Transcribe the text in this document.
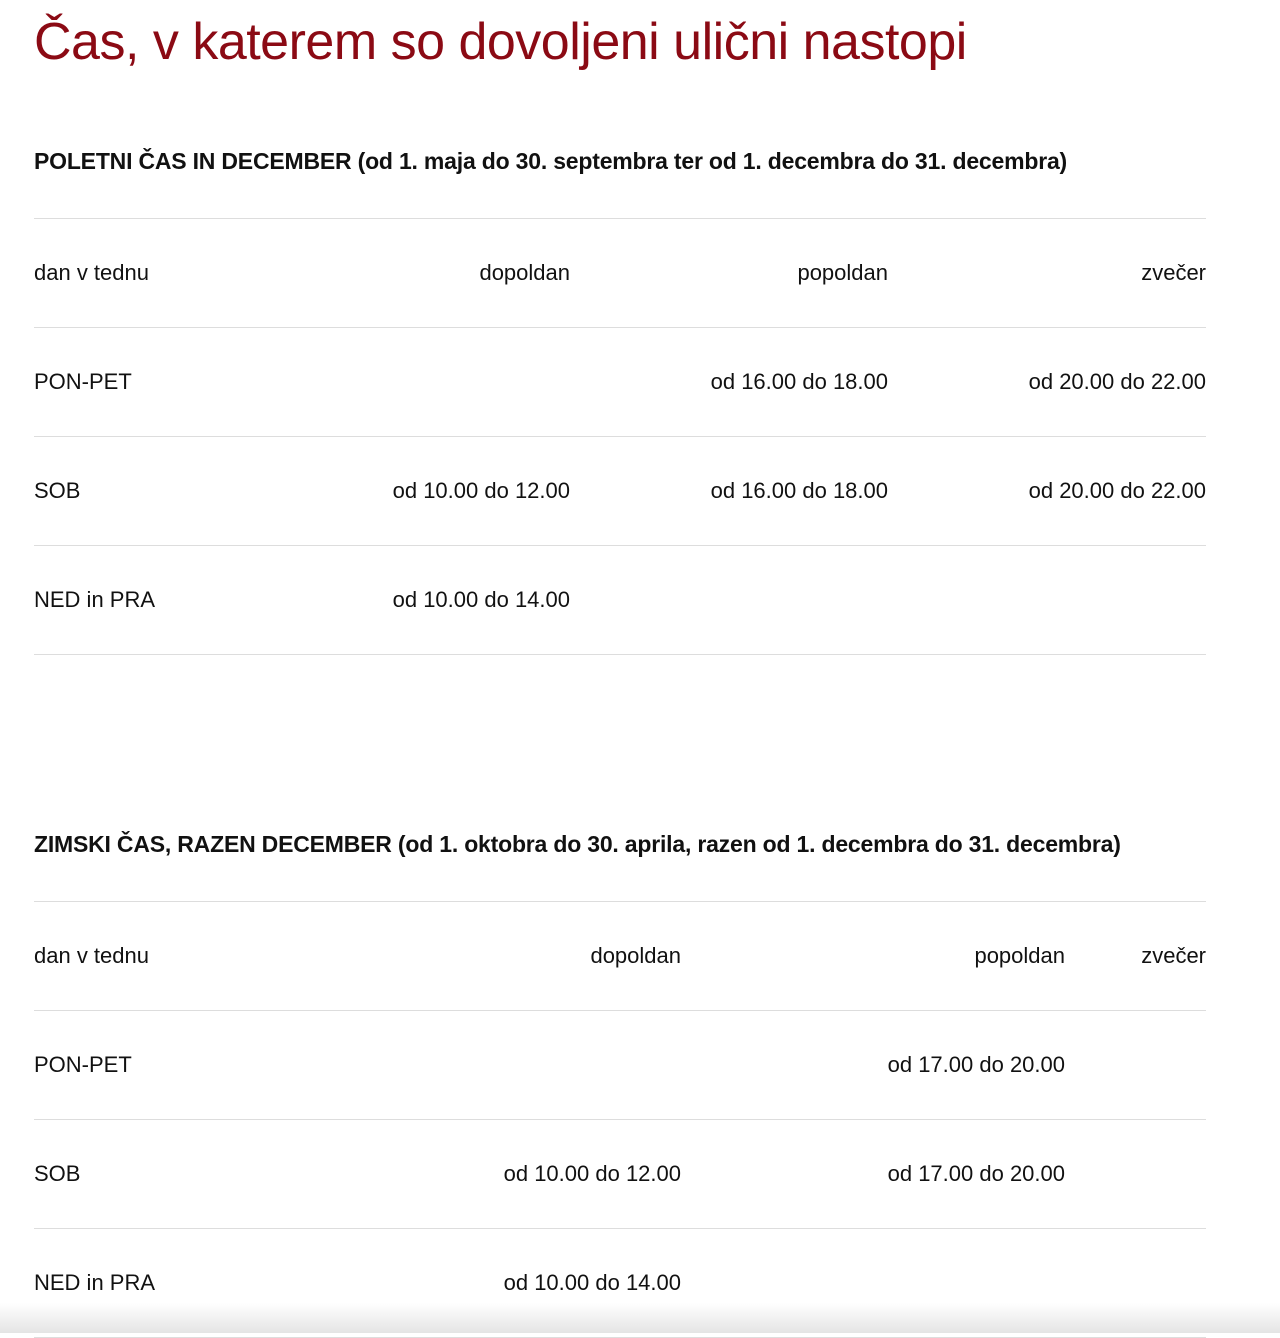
Čas, v katerem so dovoljeni ulični nastopi
POLETNI ČAS IN DECEMBER (od 1. maja do 30. septembra ter od 1. decembra do 31. decembra)
dan v tednu	dopoldan	popoldan	zvečer
PON-PET		od 16.00 do 18.00	od 20.00 do 22.00
SOB	od 10.00 do 12.00	od 16.00 do 18.00	od 20.00 do 22.00
NED in PRA	od 10.00 do 14.00		
ZIMSKI ČAS, RAZEN DECEMBER (od 1. oktobra do 30. aprila, razen od 1. decembra do 31. decembra)
dan v tednu	dopoldan	popoldan	zvečer
PON-PET		od 17.00 do 20.00	
SOB	od 10.00 do 12.00	od 17.00 do 20.00	
NED in PRA	od 10.00 do 14.00		
